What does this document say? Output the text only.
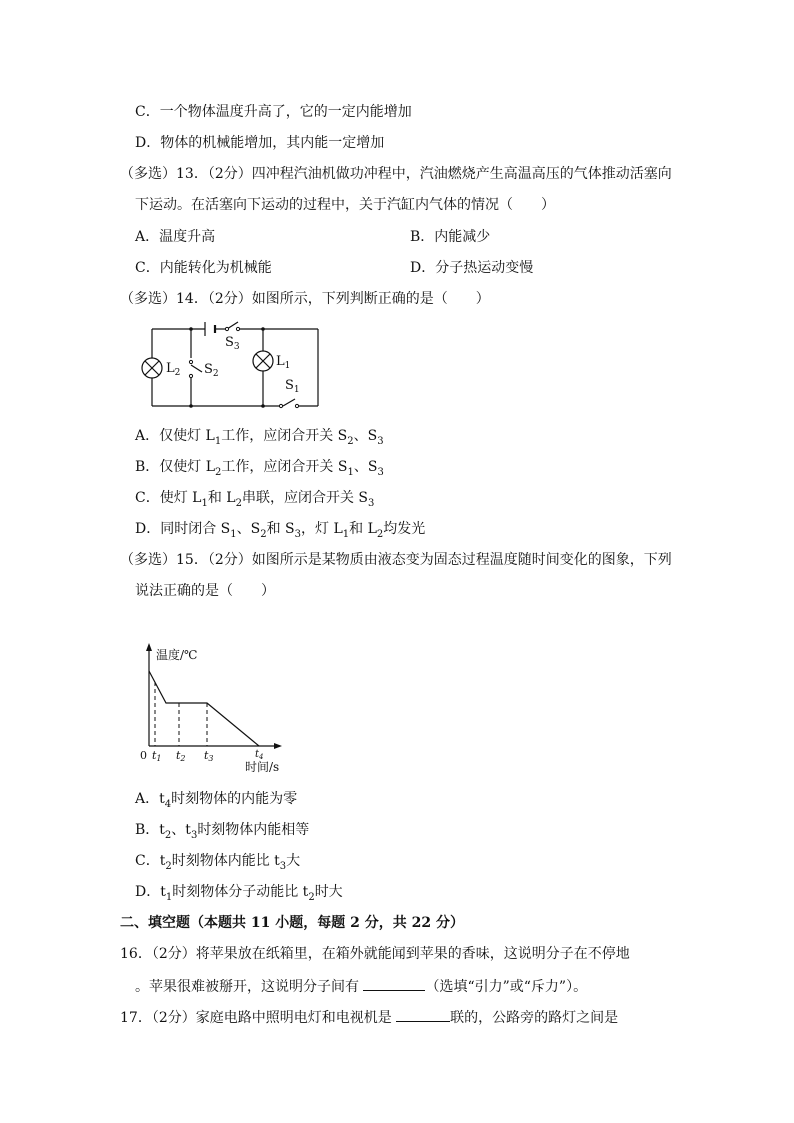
C．一个物体温度升高了，它的一定内能增加
D．物体的机械能增加，其内能一定增加
（多选）13．（2分）四冲程汽油机做功冲程中，汽油燃烧产生高温高压的气体推动活塞向
下运动。在活塞向下运动的过程中，关于汽缸内气体的情况（　　）
A．温度升高	B．内能减少
C．内能转化为机械能	D．分子热运动变慢
（多选）14．（2分）如图所示，下列判断正确的是（　　）
$S_3$
$L_2$ $S_2$
$L_1$
$S_1$
A．仅使灯 $L_1$工作，应闭合开关 $S_2$、$S_3$
B．仅使灯 $L_2$工作，应闭合开关 $S_1$、$S_3$
C．使灯 $L_1$和 $L_2$串联，应闭合开关 $S_3$
D．同时闭合 $S_1$、$S_2$和 $S_3$，灯 $L_1$和 $L_2$均发光
（多选）15．（2分）如图所示是某物质由液态变为固态过程温度随时间变化的图象，下列
说法正确的是（　　）
温度/℃
时间/s
0 t1 t2 t3	$t_4$
A．$t_4$时刻物体的内能为零
B．$t_2$、$t_3$时刻物体内能相等
C．$t_2$时刻物体内能比 $t_3$大
D．$t_1$时刻物体分子动能比 $t_2$时大
二、填空题（本题共 11 小题，每题 2 分，共 22 分）
16．（2分）将苹果放在纸箱里，在箱外就能闻到苹果的香味，这说明分子在不停地
。苹果很难被掰开，这说明分子间有	（选填“引力”或“斥力”）。
17．（2分）家庭电路中照明电灯和电视机是	联的，公路旁的路灯之间是
